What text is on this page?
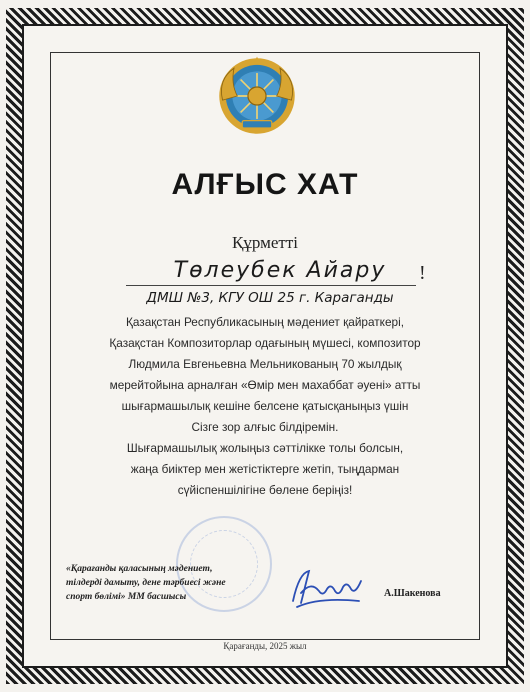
АЛҒЫС ХАТ
Құрметті
Төлеубек Айару	!
ДМШ №3, КГУ ОШ 25 г. Караганды
Қазақстан Республикасының мәдениет қайраткері,
Қазақстан Композиторлар одағының мүшесі, композитор
Людмила Евгеньевна Мельникованың 70 жылдық
мерейтойына арналған «Өмір мен махаббат әуені» атты
шығармашылық кешіне белсене қатысқаныңыз үшін
Сізге зор алғыс білдіремін.
Шығармашылық жолыңыз сәттілікке толы болсын,
жаңа биіктер мен жетістіктерге жетіп, тыңдарман
сүйіспеншілігіне бөлене беріңіз!
«Қарағанды қаласының мәдениет,
тілдерді дамыту, дене тәрбиесі және
спорт бөлімі» ММ басшысы	А.Шакенова
Қарағанды, 2025 жыл
